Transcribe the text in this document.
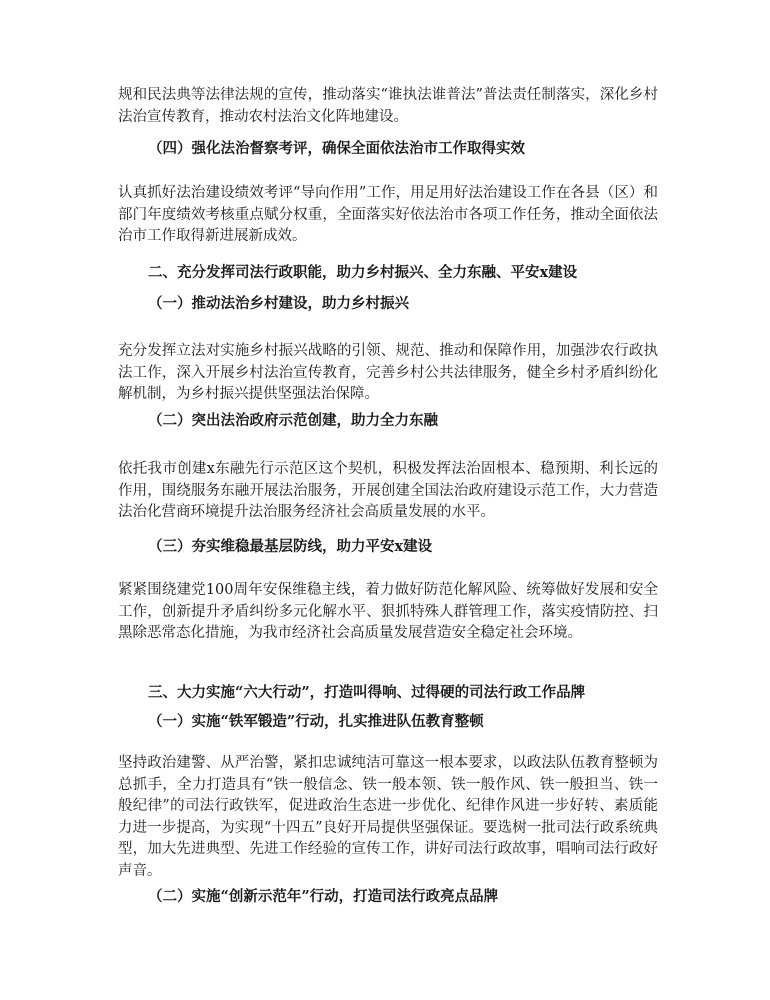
规和民法典等法律法规的宣传，推动落实“谁执法谁普法”普法责任制落实，深化乡村法治宣传教育，推动农村法治文化阵地建设。

（四）强化法治督察考评，确保全面依法治市工作取得实效

认真抓好法治建设绩效考评“导向作用”工作，用足用好法治建设工作在各县（区）和部门年度绩效考核重点赋分权重，全面落实好依法治市各项工作任务，推动全面依法治市工作取得新进展新成效。

二、充分发挥司法行政职能，助力乡村振兴、全力东融、平安x建设
（一）推动法治乡村建设，助力乡村振兴

充分发挥立法对实施乡村振兴战略的引领、规范、推动和保障作用，加强涉农行政执法工作，深入开展乡村法治宣传教育，完善乡村公共法律服务，健全乡村矛盾纠纷化解机制，为乡村振兴提供坚强法治保障。

（二）突出法治政府示范创建，助力全力东融

依托我市创建x东融先行示范区这个契机，积极发挥法治固根本、稳预期、利长远的作用，围绕服务东融开展法治服务，开展创建全国法治政府建设示范工作，大力营造法治化营商环境提升法治服务经济社会高质量发展的水平。

（三）夯实维稳最基层防线，助力平安x建设

紧紧围绕建党100周年安保维稳主线，着力做好防范化解风险、统筹做好发展和安全工作，创新提升矛盾纠纷多元化解水平、狠抓特殊人群管理工作，落实疫情防控、扫黑除恶常态化措施，为我市经济社会高质量发展营造安全稳定社会环境。

三、大力实施“六大行动”，打造叫得响、过得硬的司法行政工作品牌
（一）实施“铁军锻造”行动，扎实推进队伍教育整顿

坚持政治建警、从严治警，紧扣忠诚纯洁可靠这一根本要求，以政法队伍教育整顿为总抓手，全力打造具有“铁一般信念、铁一般本领、铁一般作风、铁一般担当、铁一般纪律”的司法行政铁军，促进政治生态进一步优化、纪律作风进一步好转、素质能力进一步提高，为实现“十四五”良好开局提供坚强保证。要选树一批司法行政系统典型，加大先进典型、先进工作经验的宣传工作，讲好司法行政故事，唱响司法行政好声音。

（二）实施“创新示范年”行动，打造司法行政亮点品牌
